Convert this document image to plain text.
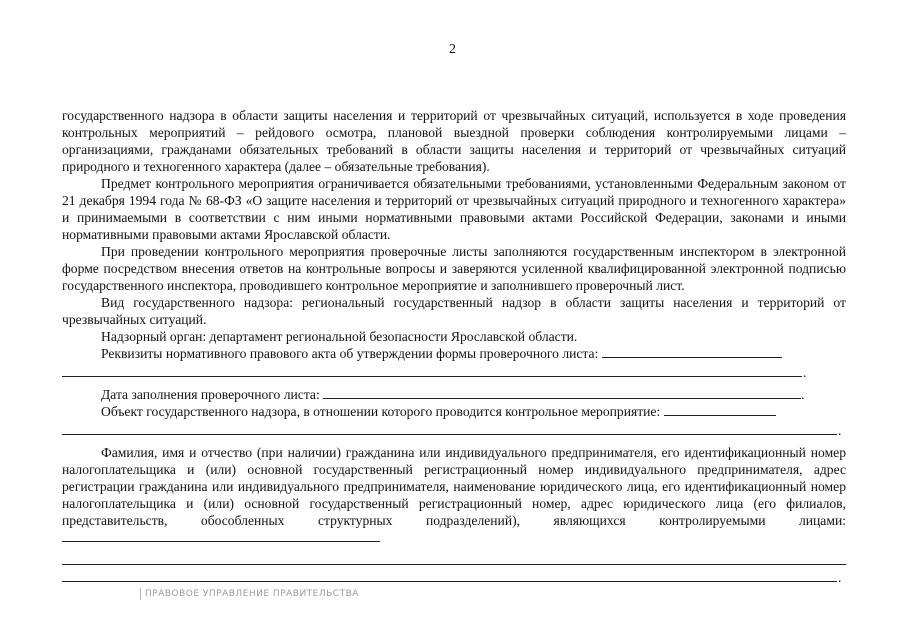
2

государственного надзора в области защиты населения и территорий от чрезвычайных ситуаций, используется в ходе проведения контрольных мероприятий – рейдового осмотра, плановой выездной проверки соблюдения контролируемыми лицами – организациями, гражданами обязательных требований в области защиты населения и территорий от чрезвычайных ситуаций природного и техногенного характера (далее – обязательные требования).

Предмет контрольного мероприятия ограничивается обязательными требованиями, установленными Федеральным законом от 21 декабря 1994 года № 68-ФЗ «О защите населения и территорий от чрезвычайных ситуаций природного и техногенного характера» и принимаемыми в соответствии с ним иными нормативными правовыми актами Российской Федерации, законами и иными нормативными правовыми актами Ярославской области.

При проведении контрольного мероприятия проверочные листы заполняются государственным инспектором в электронной форме посредством внесения ответов на контрольные вопросы и заверяются усиленной квалифицированной электронной подписью государственного инспектора, проводившего контрольное мероприятие и заполнившего проверочный лист.

Вид государственного надзора: региональный государственный надзор в области защиты населения и территорий от чрезвычайных ситуаций.

Надзорный орган: департамент региональной безопасности Ярославской области.

Реквизиты нормативного правового акта об утверждении формы проверочного листа:

.

Дата заполнения проверочного листа:	.

Объект государственного надзора, в отношении которого проводится контрольное мероприятие:

.

Фамилия, имя и отчество (при наличии) гражданина или индивидуального предпринимателя, его идентификационный номер налогоплательщика и (или) основной государственный регистрационный номер индивидуального предпринимателя, адрес регистрации гражданина или индивидуального предпринимателя, наименование юридического лица, его идентификационный номер налогоплательщика и (или) основной государственный регистрационный номер, адрес юридического лица (его филиалов, представительств, обособленных структурных подразделений), являющихся контролируемыми лицами:

.
ПРАВОВОЕ УПРАВЛЕНИЕ ПРАВИТЕЛЬСТВА
